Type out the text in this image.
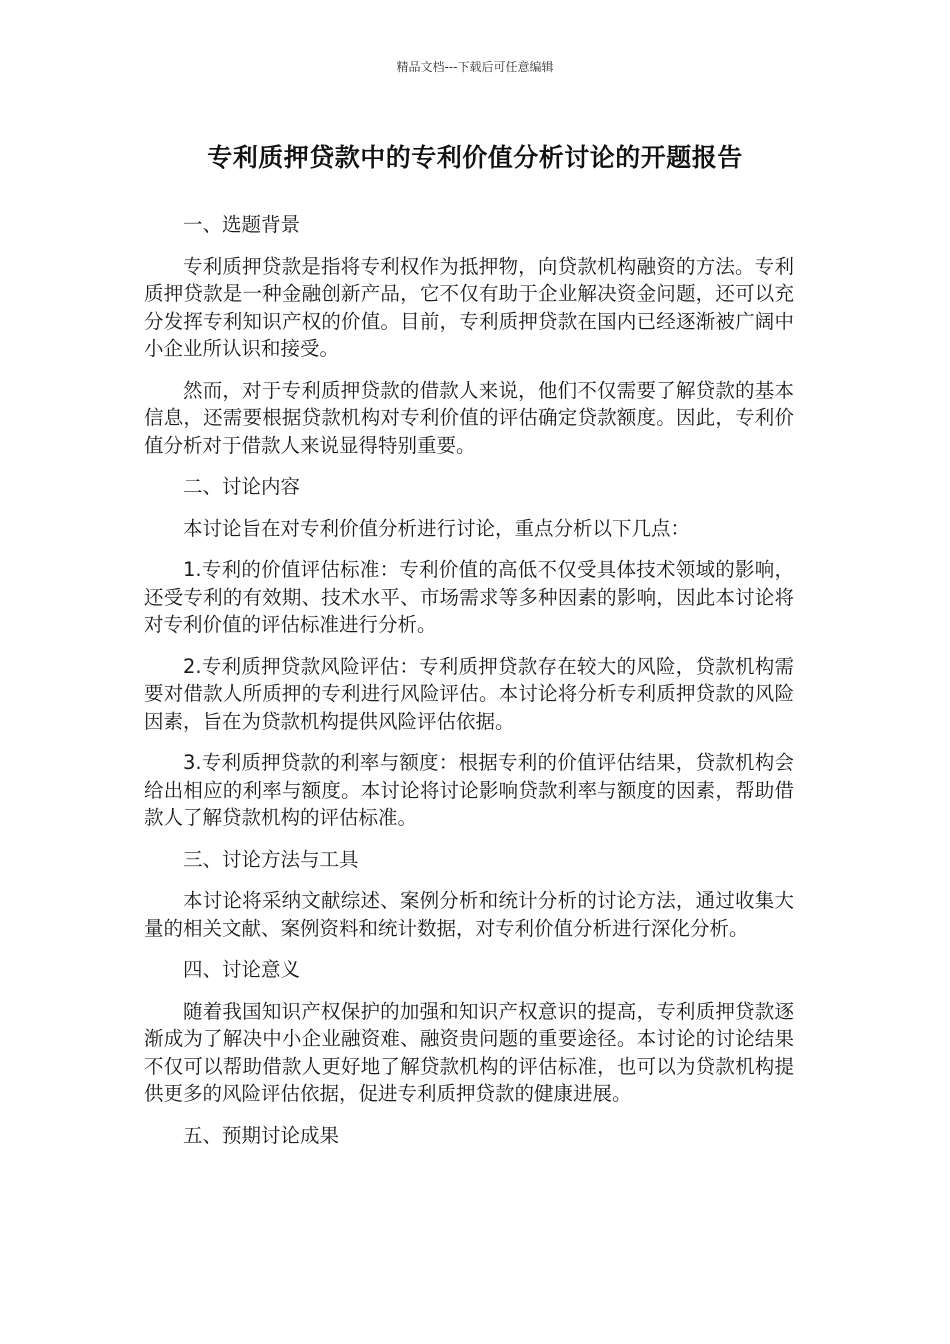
精品文档---下载后可任意编辑
专利质押贷款中的专利价值分析讨论的开题报告
一、选题背景
专利质押贷款是指将专利权作为抵押物，向贷款机构融资的方法。专利质押贷款是一种金融创新产品，它不仅有助于企业解决资金问题，还可以充分发挥专利知识产权的价值。目前，专利质押贷款在国内已经逐渐被广阔中小企业所认识和接受。
然而，对于专利质押贷款的借款人来说，他们不仅需要了解贷款的基本信息，还需要根据贷款机构对专利价值的评估确定贷款额度。因此，专利价值分析对于借款人来说显得特别重要。
二、讨论内容
本讨论旨在对专利价值分析进行讨论，重点分析以下几点：
1.专利的价值评估标准：专利价值的高低不仅受具体技术领域的影响，还受专利的有效期、技术水平、市场需求等多种因素的影响，因此本讨论将对专利价值的评估标准进行分析。
2.专利质押贷款风险评估：专利质押贷款存在较大的风险，贷款机构需要对借款人所质押的专利进行风险评估。本讨论将分析专利质押贷款的风险因素，旨在为贷款机构提供风险评估依据。
3.专利质押贷款的利率与额度：根据专利的价值评估结果，贷款机构会给出相应的利率与额度。本讨论将讨论影响贷款利率与额度的因素，帮助借款人了解贷款机构的评估标准。
三、讨论方法与工具
本讨论将采纳文献综述、案例分析和统计分析的讨论方法，通过收集大量的相关文献、案例资料和统计数据，对专利价值分析进行深化分析。
四、讨论意义
随着我国知识产权保护的加强和知识产权意识的提高，专利质押贷款逐渐成为了解决中小企业融资难、融资贵问题的重要途径。本讨论的讨论结果不仅可以帮助借款人更好地了解贷款机构的评估标准，也可以为贷款机构提供更多的风险评估依据，促进专利质押贷款的健康进展。
五、预期讨论成果
